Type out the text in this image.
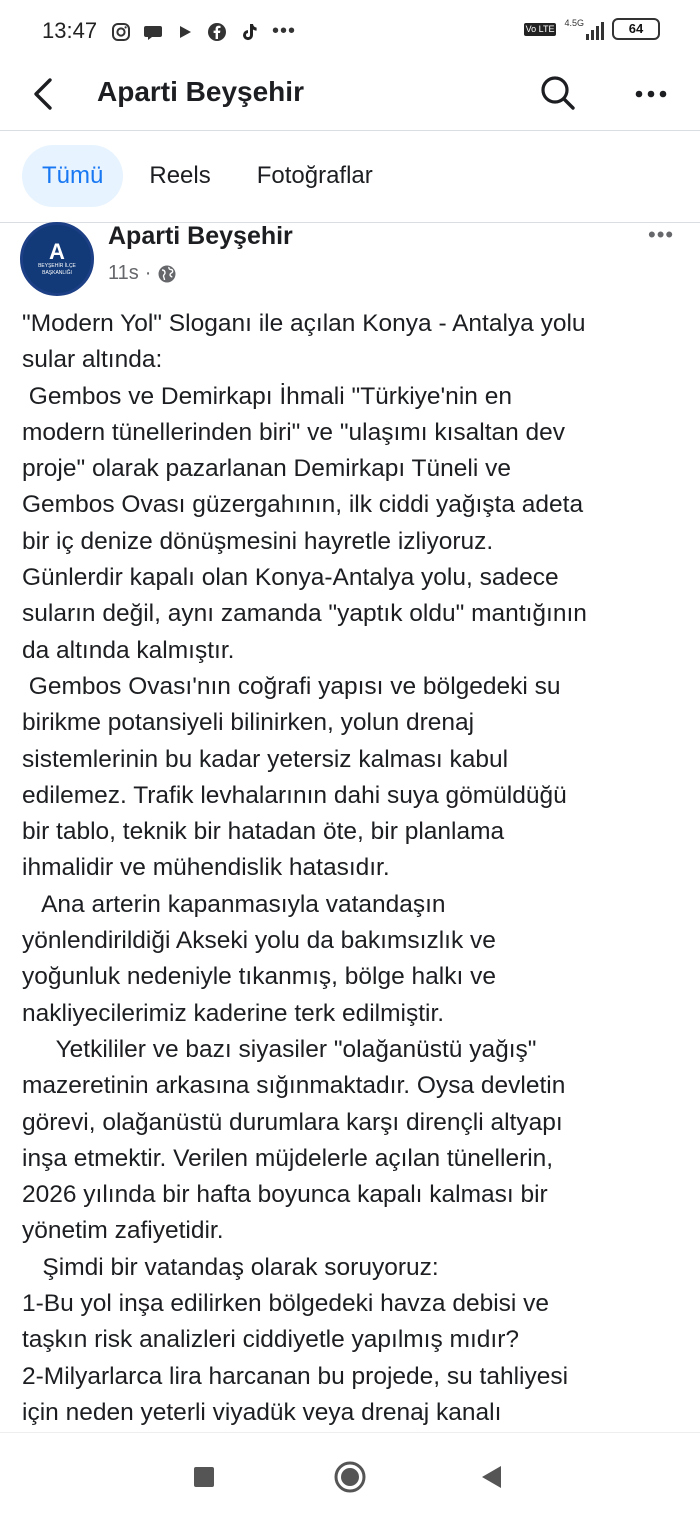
13:47	•••	Vo LTE
4.5G	64
Aparti Beyşehir
Tümü	Reels	Fotoğraflar
A
BEYŞEHİR İLÇE BAŞKANLIĞI
Aparti Beyşehir
11s ·
•••
"Modern Yol" Sloganı ile açılan Konya - Antalya yolu
sular altında:
Gembos ve Demirkapı İhmali "Türkiye'nin en
modern tünellerinden biri" ve "ulaşımı kısaltan dev
proje" olarak pazarlanan Demirkapı Tüneli ve
Gembos Ovası güzergahının, ilk ciddi yağışta adeta
bir iç denize dönüşmesini hayretle izliyoruz.
Günlerdir kapalı olan Konya-Antalya yolu, sadece
suların değil, aynı zamanda "yaptık oldu" mantığının
da altında kalmıştır.
Gembos Ovası'nın coğrafi yapısı ve bölgedeki su
birikme potansiyeli bilinirken, yolun drenaj
sistemlerinin bu kadar yetersiz kalması kabul
edilemez. Trafik levhalarının dahi suya gömüldüğü
bir tablo, teknik bir hatadan öte, bir planlama
ihmalidir ve mühendislik hatasıdır.
Ana arterin kapanmasıyla vatandaşın
yönlendirildiği Akseki yolu da bakımsızlık ve
yoğunluk nedeniyle tıkanmış, bölge halkı ve
nakliyecilerimiz kaderine terk edilmiştir.
Yetkililer ve bazı siyasiler "olağanüstü yağış"
mazeretinin arkasına sığınmaktadır. Oysa devletin
görevi, olağanüstü durumlara karşı dirençli altyapı
inşa etmektir. Verilen müjdelerle açılan tünellerin,
2026 yılında bir hafta boyunca kapalı kalması bir
yönetim zafiyetidir.
Şimdi bir vatandaş olarak soruyoruz:
1-Bu yol inşa edilirken bölgedeki havza debisi ve
taşkın risk analizleri ciddiyetle yapılmış mıdır?
2-Milyarlarca lira harcanan bu projede, su tahliyesi
için neden yeterli viyadük veya drenaj kanalı
